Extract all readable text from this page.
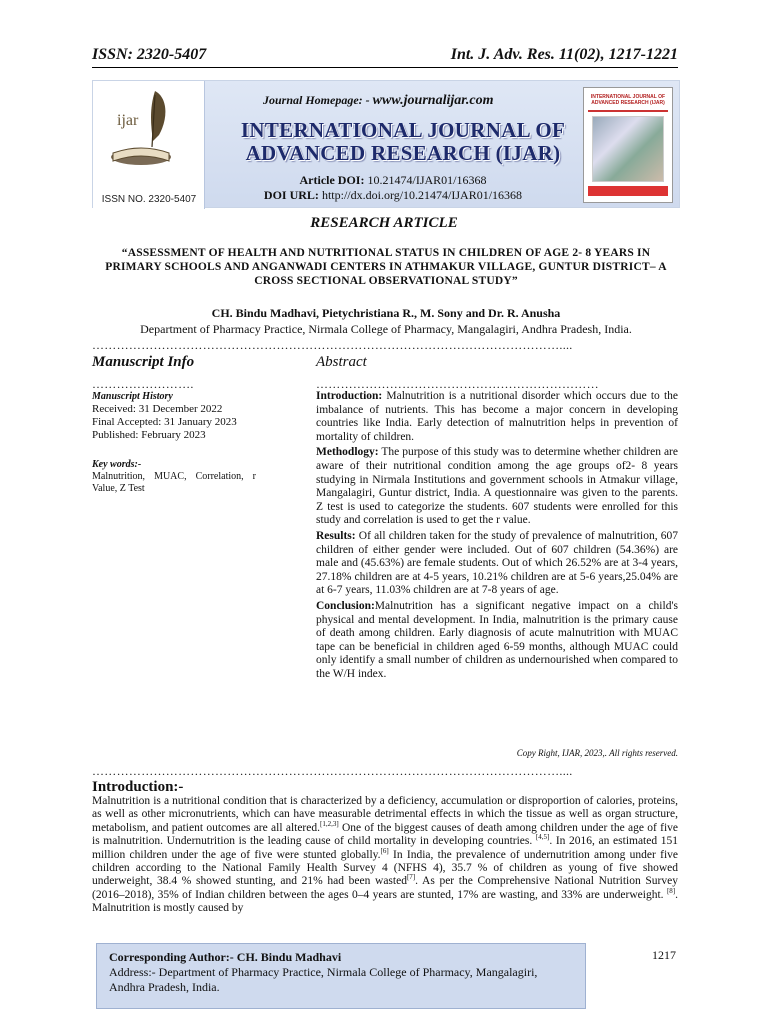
ISSN: 2320-5407	Int. J. Adv. Res. 11(02), 1217-1221
ijar
ISSN NO. 2320-5407
Journal Homepage: - www.journalijar.com
INTERNATIONAL JOURNAL OF
ADVANCED RESEARCH (IJAR)
Article DOI: 10.21474/IJAR01/16368
DOI URL: http://dx.doi.org/10.21474/IJAR01/16368
INTERNATIONAL JOURNAL OF ADVANCED RESEARCH (IJAR)
RESEARCH ARTICLE
“ASSESSMENT OF HEALTH AND NUTRITIONAL STATUS IN CHILDREN OF AGE 2- 8 YEARS IN PRIMARY SCHOOLS AND ANGANWADI CENTERS IN ATHMAKUR VILLAGE, GUNTUR DISTRICT– A CROSS SECTIONAL OBSERVATIONAL STUDY”
CH. Bindu Madhavi, Pietychristiana R., M. Sony and Dr. R. Anusha
Department of Pharmacy Practice, Nirmala College of Pharmacy, Mangalagiri, Andhra Pradesh, India.
……………………………………………………………………………………………………....
Manuscript Info	Abstract
…………………….	……………………………………………………………
Manuscript History
Received: 31 December 2022
Final Accepted: 31 January 2023
Published: February 2023
Key words:-
Malnutrition, MUAC, Correlation, r Value, Z Test

Introduction: Malnutrition is a nutritional disorder which occurs due to the imbalance of nutrients. This has become a major concern in developing countries like India. Early detection of malnutrition helps in prevention of mortality of children.

Methodlogy: The purpose of this study was to determine whether children are aware of their nutritional condition among the age groups of2- 8 years studying in Nirmala Institutions and government schools in Atmakur village, Mangalagiri, Guntur district, India. A questionnaire was given to the parents. Z test is used to categorize the students. 607 students were enrolled for this study and correlation is used to get the r value.

Results: Of all children taken for the study of prevalence of malnutrition, 607 children of either gender were included. Out of 607 children (54.36%) are male and (45.63%) are female students. Out of which 26.52% are at 3-4 years, 27.18% children are at 4-5 years, 10.21% children are at 5-6 years,25.04% are at 6-7 years, 11.03% children are at 7-8 years of age.

Conclusion:Malnutrition has a significant negative impact on a child's physical and mental development. In India, malnutrition is the primary cause of death among children. Early diagnosis of acute malnutrition with MUAC tape can be beneficial in children aged 6-59 months, although MUAC could only identify a small number of children as undernourished when compared to the W/H index.

Copy Right, IJAR, 2023,. All rights reserved.
……………………………………………………………………………………………………....
Introduction:-
Malnutrition is a nutritional condition that is characterized by a deficiency, accumulation or disproportion of calories, proteins, as well as other micronutrients, which can have measurable detrimental effects in which the tissue as well as organ structure, metabolism, and patient outcomes are all altered.[1,2,3] One of the biggest causes of death among children under the age of five is malnutrition. Undernutrition is the leading cause of child mortality in developing countries. [4,5]. In 2016, an estimated 151 million children under the age of five were stunted globally.[6] In India, the prevalence of undernutrition among under five children according to the National Family Health Survey 4 (NFHS 4), 35.7 % of children as young of five showed underweight, 38.4 % showed stunting, and 21% had been wasted[7]. As per the Comprehensive National Nutrition Survey (2016–2018), 35% of Indian children between the ages 0–4 years are stunted, 17% are wasting, and 33% are underweight. [8]. Malnutrition is mostly caused by
Corresponding Author:- CH. Bindu Madhavi
Address:- Department of Pharmacy Practice, Nirmala College of Pharmacy, Mangalagiri, Andhra Pradesh, India.
1217
